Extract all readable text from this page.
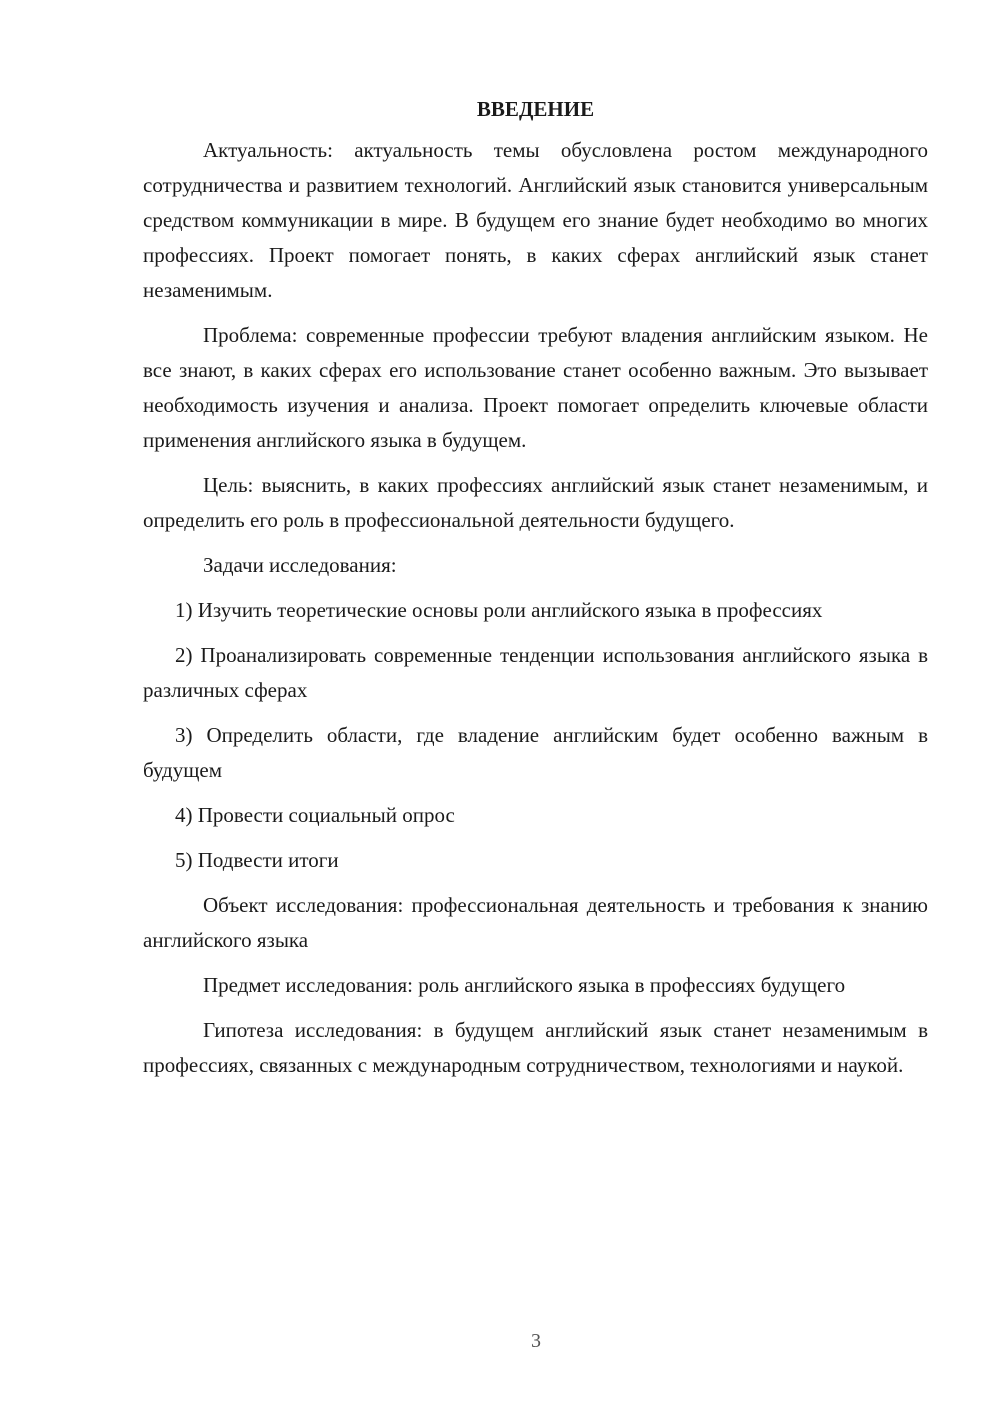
ВВЕДЕНИЕ

Актуальность: актуальность темы обусловлена ростом международного сотрудничества и развитием технологий. Английский язык становится универсальным средством коммуникации в мире. В будущем его знание будет необходимо во многих профессиях. Проект помогает понять, в каких сферах английский язык станет незаменимым.

Проблема: современные профессии требуют владения английским языком. Не все знают, в каких сферах его использование станет особенно важным. Это вызывает необходимость изучения и анализа. Проект помогает определить ключевые области применения английского языка в будущем.

Цель: выяснить, в каких профессиях английский язык станет незаменимым, и определить его роль в профессиональной деятельности будущего.

Задачи исследования:

1) Изучить теоретические основы роли английского языка в профессиях

2) Проанализировать современные тенденции использования английского языка в различных сферах

3) Определить области, где владение английским будет особенно важным в будущем

4) Провести социальный опрос

5) Подвести итоги

Объект исследования: профессиональная деятельность и требования к знанию английского языка

Предмет исследования: роль английского языка в профессиях будущего

Гипотеза исследования: в будущем английский язык станет незаменимым в профессиях, связанных с международным сотрудничеством, технологиями и наукой.

3
